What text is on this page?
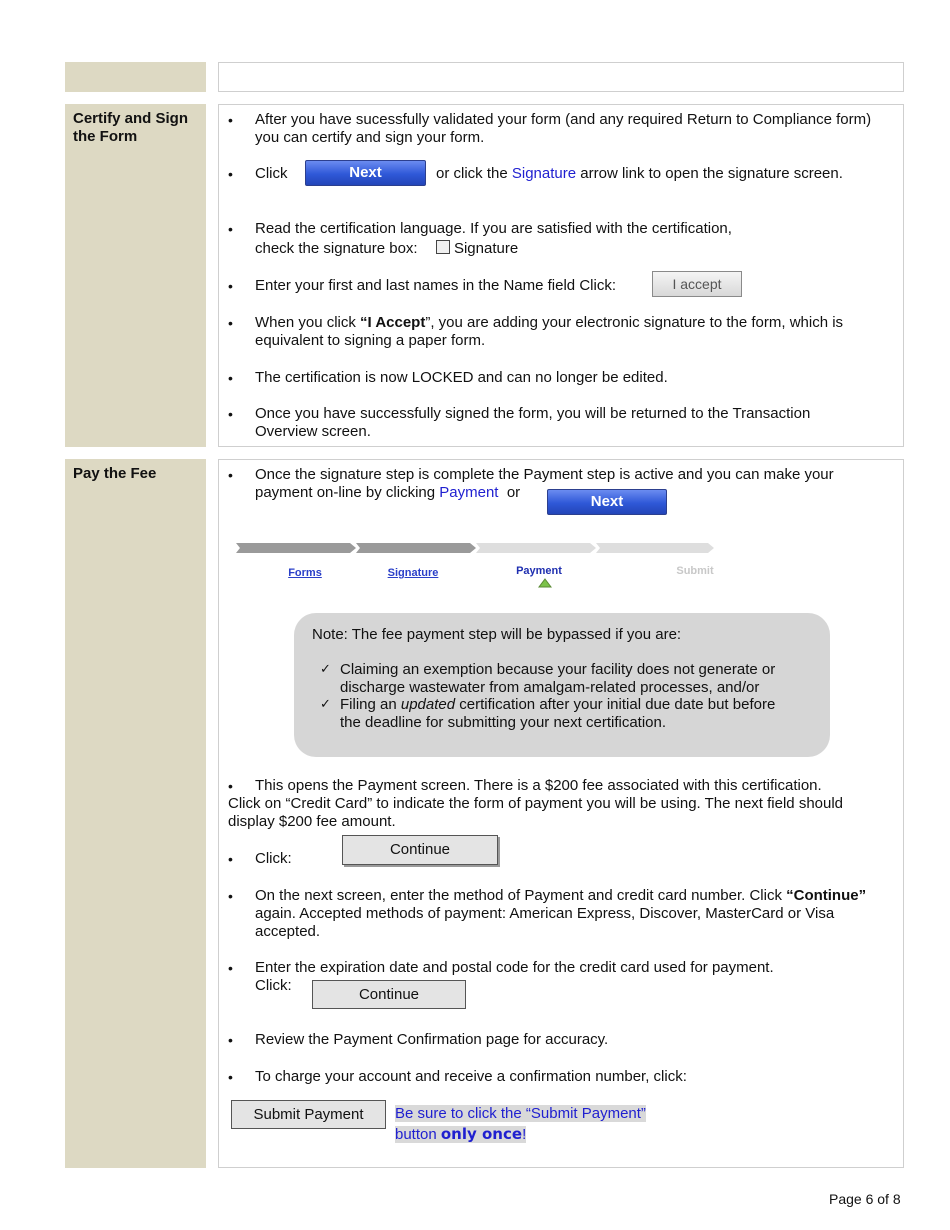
Certify and Sign the Form
• After you have sucessfully validated your form (and any required Return to Compliance form)
you can certify and sign your form.
• Click	Next	or click the Signature arrow link to open the signature screen.
• Read the certification language. If you are satisfied with the certification,
check the signature box: Signature
• Enter your first and last names in the Name field Click:	I accept
• When you click “I Accept”, you are adding your electronic signature to the form, which is
equivalent to signing a paper form.
• The certification is now LOCKED and can no longer be edited.
• Once you have successfully signed the form, you will be returned to the Transaction
Overview screen.
Pay the Fee	• Once the signature step is complete the Payment step is active and you can make your
payment on-line by clicking Payment or
Next
Forms	Signature	Payment	Submit
Note: The fee payment step will be bypassed if you are:
✓ Claiming an exemption because your facility does not generate or
discharge wastewater from amalgam-related processes, and/or
✓ Filing an updated certification after your initial due date but before
the deadline for submitting your next certification.
• This opens the Payment screen. There is a $200 fee associated with this certification.
Click on “Credit Card” to indicate the form of payment you will be using. The next field should
display $200 fee amount.
• Click:
Continue
• On the next screen, enter the method of Payment and credit card number. Click “Continue”
again. Accepted methods of payment: American Express, Discover, MasterCard or Visa
accepted.
• Enter the expiration date and postal code for the credit card used for payment.
Click:
Continue
• Review the Payment Confirmation page for accuracy.
• To charge your account and receive a confirmation number, click:
Submit Payment	Be sure to click the “Submit Payment”
button only once!
Page 6 of 8
